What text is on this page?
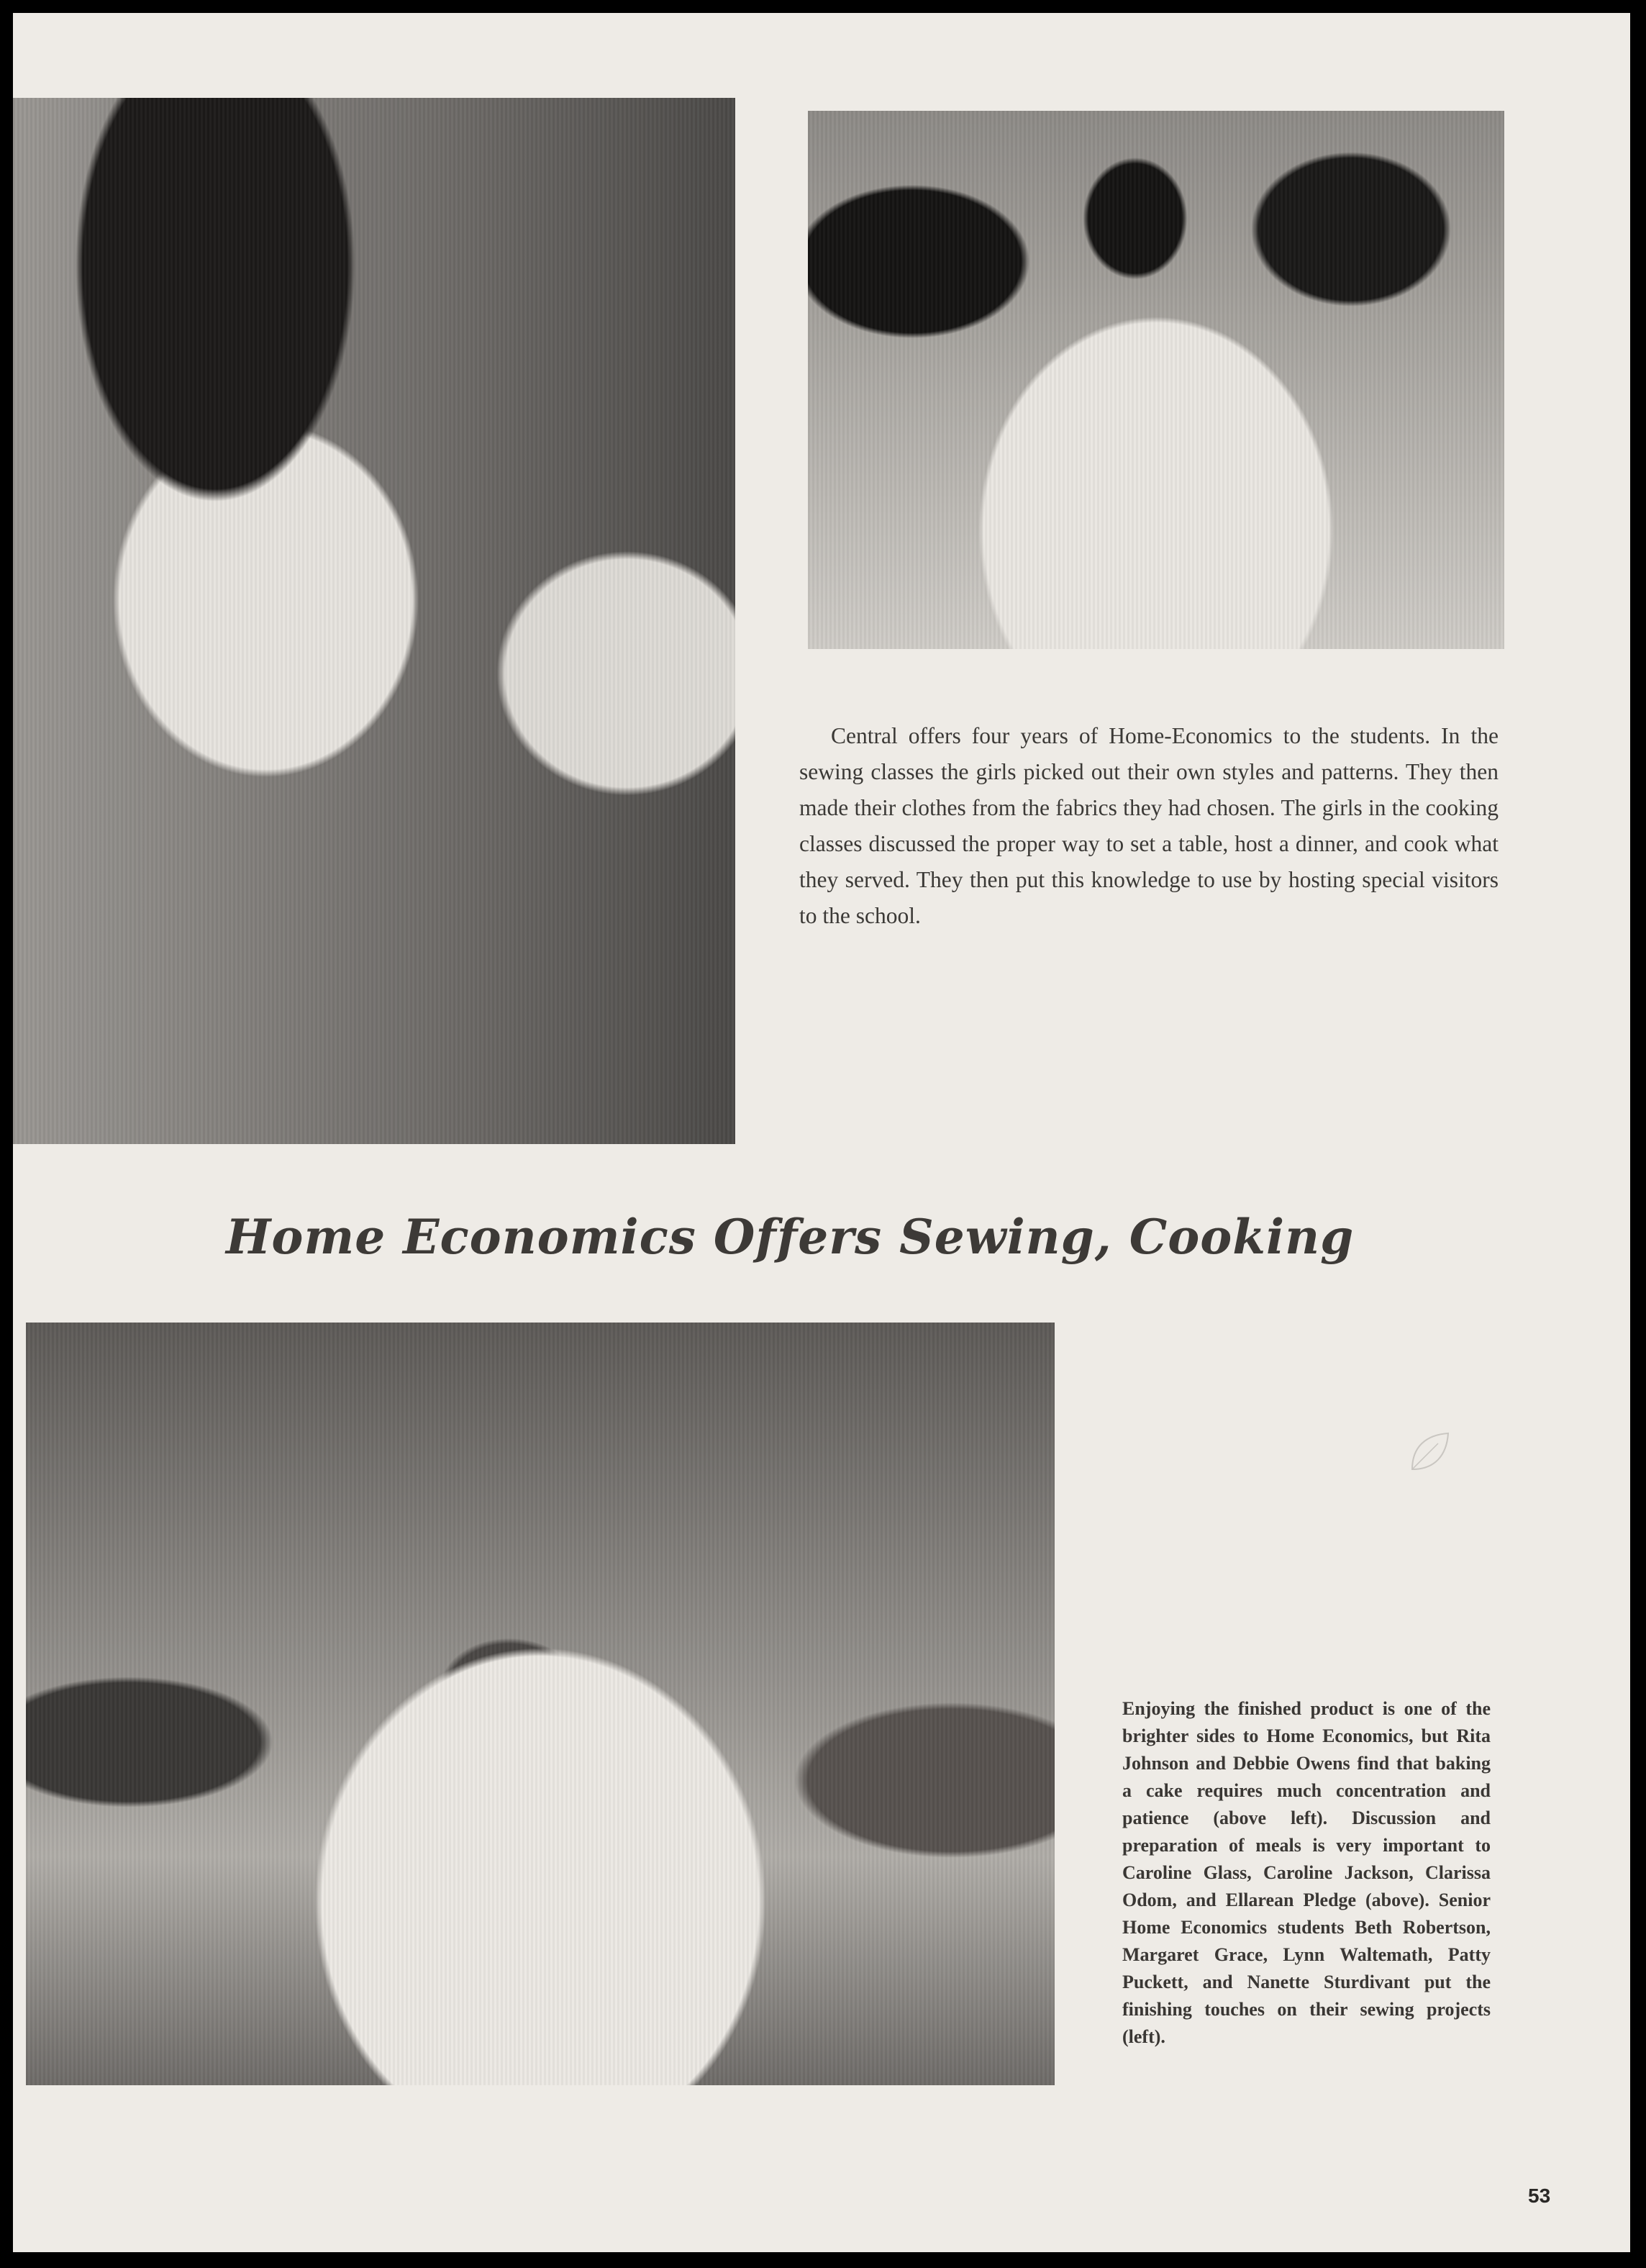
Central offers four years of Home-Economics to the students. In the sewing classes the girls picked out their own styles and patterns. They then made their clothes from the fabrics they had chosen. The girls in the cooking classes discussed the proper way to set a table, host a dinner, and cook what they served. They then put this knowledge to use by hosting special visitors to the school.

Home Economics Offers Sewing, Cooking

Enjoying the finished product is one of the brighter sides to Home Economics, but Rita Johnson and Debbie Owens find that baking a cake requires much concentration and patience (above left). Discussion and preparation of meals is very important to Caroline Glass, Caroline Jackson, Clarissa Odom, and Ellarean Pledge (above). Senior Home Economics students Beth Robertson, Margaret Grace, Lynn Waltemath, Patty Puckett, and Nanette Sturdivant put the finishing touches on their sewing projects (left).

53
